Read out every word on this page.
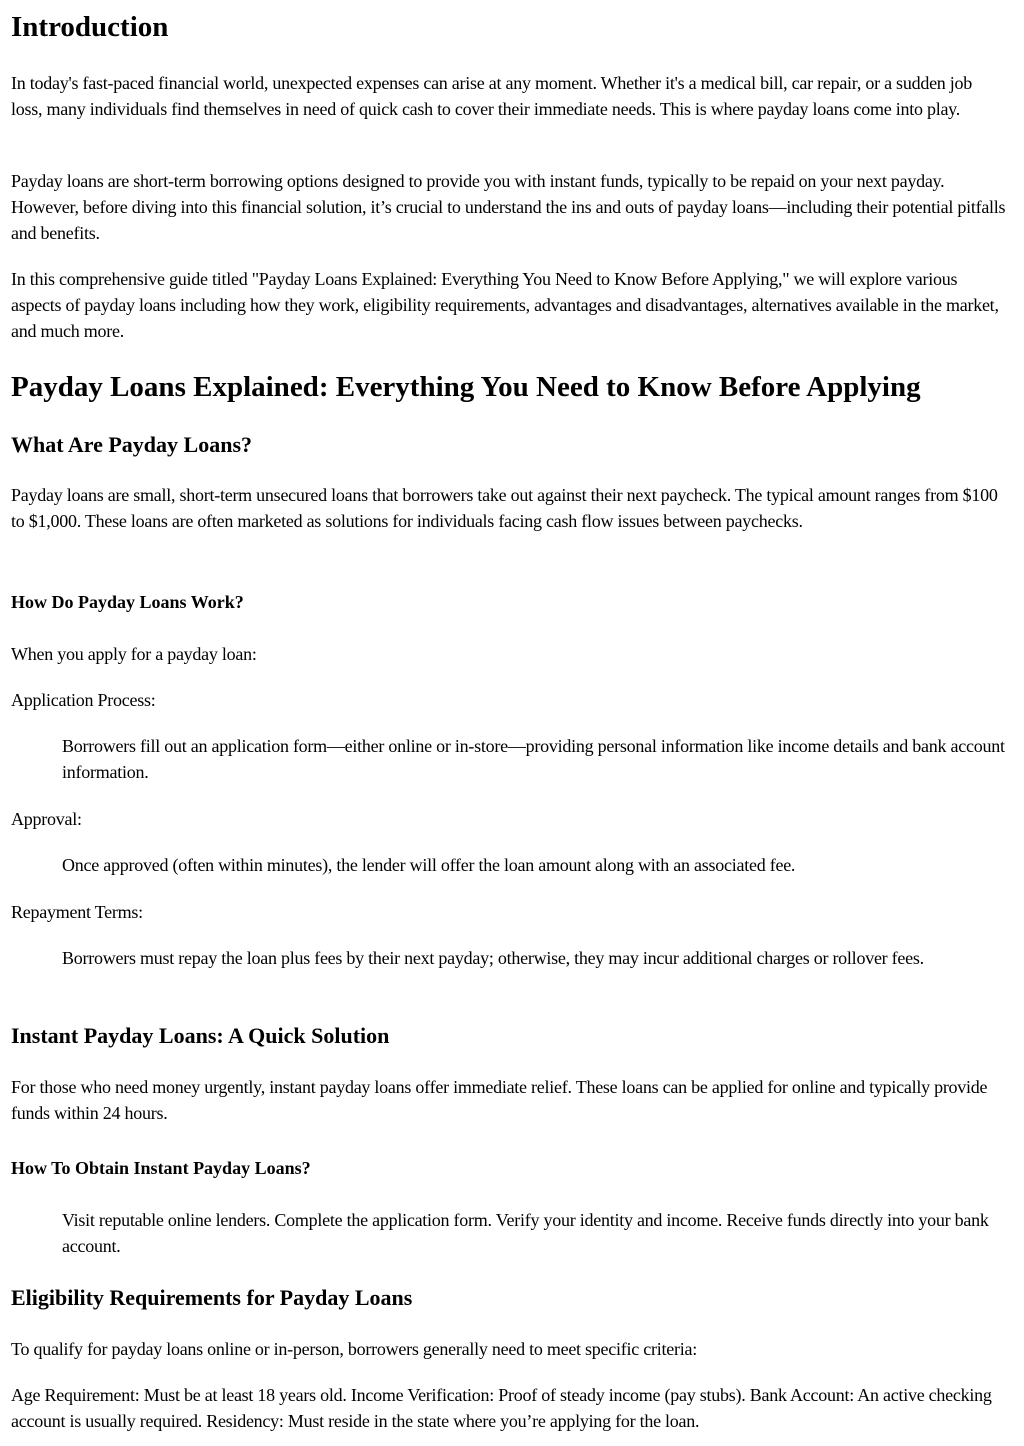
Introduction

In today's fast-paced financial world, unexpected expenses can arise at any moment. Whether it's a medical bill, car repair, or a sudden job loss, many individuals find themselves in need of quick cash to cover their immediate needs. This is where payday loans come into play.

Payday loans are short-term borrowing options designed to provide you with instant funds, typically to be repaid on your next payday. However, before diving into this financial solution, it’s crucial to understand the ins and outs of payday loans—including their potential pitfalls and benefits.

In this comprehensive guide titled "Payday Loans Explained: Everything You Need to Know Before Applying," we will explore various aspects of payday loans including how they work, eligibility requirements, advantages and disadvantages, alternatives available in the market, and much more.

Payday Loans Explained: Everything You Need to Know Before Applying
What Are Payday Loans?

Payday loans are small, short-term unsecured loans that borrowers take out against their next paycheck. The typical amount ranges from $100 to $1,000. These loans are often marketed as solutions for individuals facing cash flow issues between paychecks.

How Do Payday Loans Work?

When you apply for a payday loan:

Application Process:

Borrowers fill out an application form—either online or in-store—providing personal information like income details and bank account information.

Approval:

Once approved (often within minutes), the lender will offer the loan amount along with an associated fee.

Repayment Terms:

Borrowers must repay the loan plus fees by their next payday; otherwise, they may incur additional charges or rollover fees.

Instant Payday Loans: A Quick Solution

For those who need money urgently, instant payday loans offer immediate relief. These loans can be applied for online and typically provide funds within 24 hours.

How To Obtain Instant Payday Loans?

Visit reputable online lenders. Complete the application form. Verify your identity and income. Receive funds directly into your bank account.

Eligibility Requirements for Payday Loans

To qualify for payday loans online or in-person, borrowers generally need to meet specific criteria:

Age Requirement: Must be at least 18 years old. Income Verification: Proof of steady income (pay stubs). Bank Account: An active checking account is usually required. Residency: Must reside in the state where you’re applying for the loan.
